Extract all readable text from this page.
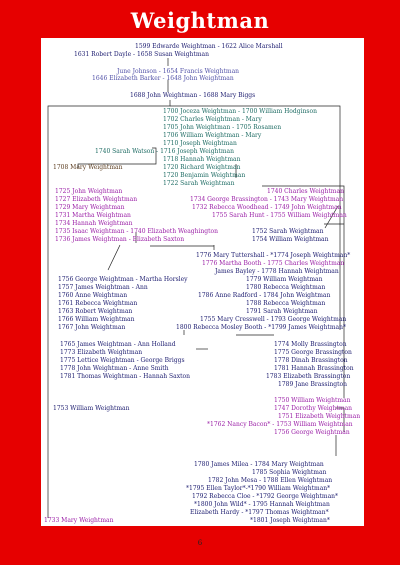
Weightman
1599 Edwarde Weightman - 1622 Alice Marshall
1631 Robert Dayle - 1658 Susan Weightman
June Johnson - 1654 Francis Weightman
1646 Elizabeth Barker - 1648 John Weightman
1688 John Weightman - 1688 Mary Biggs
1700 Joceza Weightman - 1700 William Hodginson
1702 Charles Weightman - Mary
1705 John Weightman - 1705 Rosamen
1706 William Weightman - Mary
1710 Joseph Weightman
1740 Sarah Watson - 1716 Joseph Weightman
1708 Mary Weightman
1718 Hannah Weightman
1720 Richard Weightman
1720 Benjamin Weightman
1722 Sarah Weightman
1725 John Weightman	1740 Charles Weightman
1727 Elizabeth Weightman	1734 George Brassington - 1743 Mary Weightman
1729 Mary Weightman	1732 Rebecca Woodhead - 1749 John Weightman
1731 Martha Weightman	1755 Sarah Hunt - 1755 William Weightman
1734 Hannah Weightman
1735 Isaac Weightman - 1740 Elizabeth Weaghington	1752 Sarah Weightman
1736 James Weightman - Elizabeth Saxton	1754 William Weightman
1776 Mary Tuttershall - *1774 Joseph Weightman*
1776 Martha Booth - 1775 Charles Weightman
James Bayley - 1778 Hannah Weightman
1756 George Weightman - Martha Horsley	1779 William Weightman
1757 James Weightman - Ann	1780 Rebecca Weightman
1760 Anne Weightman	1786 Anne Radford - 1784 John Weightman
1761 Rebecca Weightman	1788 Rebecca Weightman
1763 Robert Weightman	1791 Sarah Weightman
1766 William Weightman	1755 Mary Cresswell - 1793 George Weightman
1767 John Weightman	1800 Rebecca Mosley Booth - *1799 James Weightman*
1765 James Weightman - Ann Holland	1774 Molly Brassington
1773 Elizabeth Weightman	1775 George Brassington
1775 Lettice Weightman - George Briggs	1778 Dinah Brassington
1778 John Weightman - Anne Smith	1781 Hannah Brassington
1781 Thomas Weightman - Hannah Saxton	1783 Elizabeth Brassington
1789 Jane Brassington
1750 William Weightman
1753 William Weightman	1747 Dorothy Weightman
1751 Elizabeth Weightman
*1762 Nancy Bacon* - 1753 William Weightman
1756 George Weightman
1780 James Milea - 1784 Mary Weightman
1785 Sophia Weightman
1782 John Mesa - 1788 Ellen Weightman
*1795 Ellen Taylor*-*1790 William Weightman*
1792 Rebecca Cloe - *1792 George Weightman*
*1800 John Wild* - 1795 Hannah Weightman
Elizabeth Hardy - *1797 Thomas Weightman*
1733 Mary Weightman	*1801 Joseph Weightman*
6
